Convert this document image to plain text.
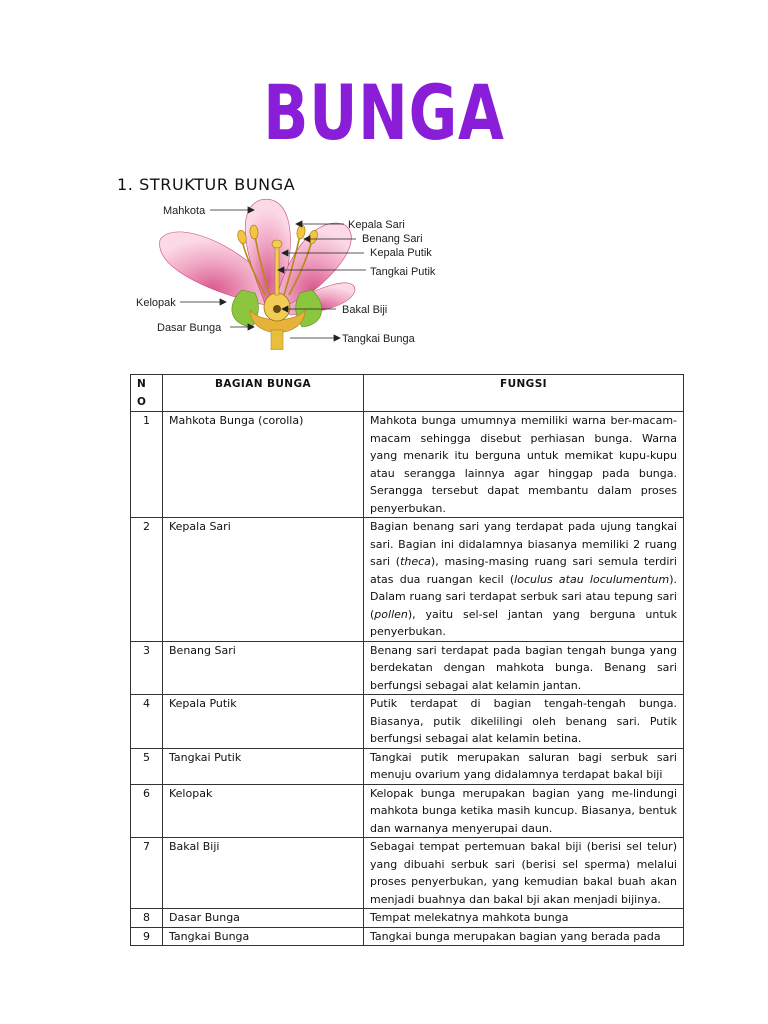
BUNGA
1. STRUKTUR BUNGA
Mahkota
Kepala Sari
Benang Sari
Kepala Putik
Tangkai Putik
Kelopak
Bakal Biji
Dasar Bunga
Tangkai Bunga
N O	BAGIAN BUNGA	FUNGSI
1	Mahkota Bunga (corolla)	Mahkota bunga umumnya memiliki warna ber-macam-macam sehingga disebut perhiasan bunga. Warna yang menarik itu berguna untuk memikat kupu-kupu atau serangga lainnya agar hinggap pada bunga. Serangga tersebut dapat membantu dalam proses penyerbukan.
2	Kepala Sari	Bagian benang sari yang terdapat pada ujung tangkai sari. Bagian ini didalamnya biasanya memiliki 2 ruang sari (theca), masing-masing ruang sari semula terdiri atas dua ruangan kecil (loculus atau loculumentum). Dalam ruang sari terdapat serbuk sari atau tepung sari (pollen), yaitu sel-sel jantan yang berguna untuk penyerbukan.
3	Benang Sari	Benang sari terdapat pada bagian tengah bunga yang berdekatan dengan mahkota bunga. Benang sari berfungsi sebagai alat kelamin jantan.
4	Kepala Putik	Putik terdapat di bagian tengah-tengah bunga. Biasanya, putik dikelilingi oleh benang sari. Putik berfungsi sebagai alat kelamin betina.
5	Tangkai Putik	Tangkai putik merupakan saluran bagi serbuk sari menuju ovarium yang didalamnya terdapat bakal biji
6	Kelopak	Kelopak bunga merupakan bagian yang me-lindungi mahkota bunga ketika masih kuncup. Biasanya, bentuk dan warnanya menyerupai daun.
7	Bakal Biji	Sebagai tempat pertemuan bakal biji (berisi sel telur) yang dibuahi serbuk sari (berisi sel sperma) melalui proses penyerbukan, yang kemudian bakal buah akan menjadi buahnya dan bakal bji akan menjadi bijinya.
8	Dasar Bunga	Tempat melekatnya mahkota bunga
9	Tangkai Bunga	Tangkai bunga merupakan bagian yang berada pada
